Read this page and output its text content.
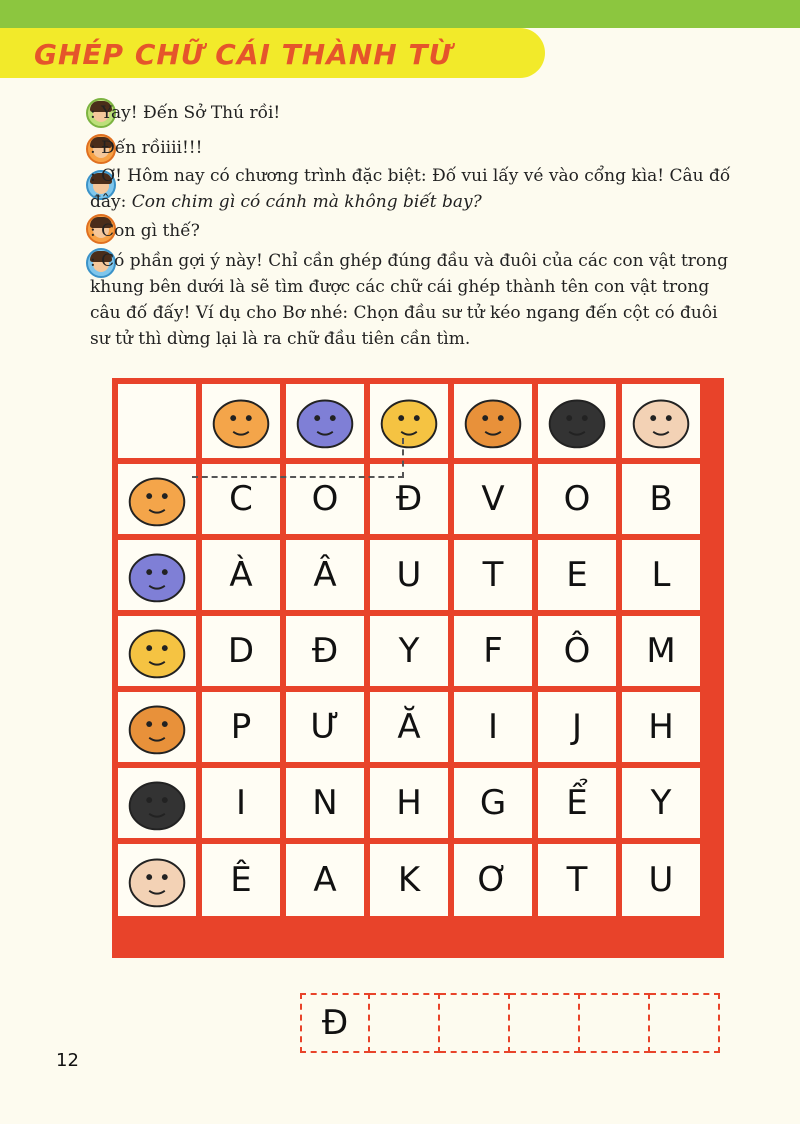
GHÉP CHỮ CÁI THÀNH TỪ
: Yay! Đến Sở Thú rồi!
: Đến rồiiii!!!
: Ơ! Hôm nay có chương trình đặc biệt: Đố vui lấy vé vào cổng kìa! Câu đố
đây: Con chim gì có cánh mà không biết bay?
: Con gì thế?
: Có phần gợi ý này! Chỉ cần ghép đúng đầu và đuôi của các con vật trong
khung bên dưới là sẽ tìm được các chữ cái ghép thành tên con vật trong
câu đố đấy! Ví dụ cho Bơ nhé: Chọn đầu sư tử kéo ngang đến cột có đuôi
sư tử thì dừng lại là ra chữ đầu tiên cần tìm.
C	O	Đ	V	O	B
À	Â	U	T	E	L
D	Đ	Y	F	Ô	M
P	Ư	Ă	I	J	H
I	N	H	G	Ể	Y
Ê	A	K	Ơ	T	U
Đ
12
